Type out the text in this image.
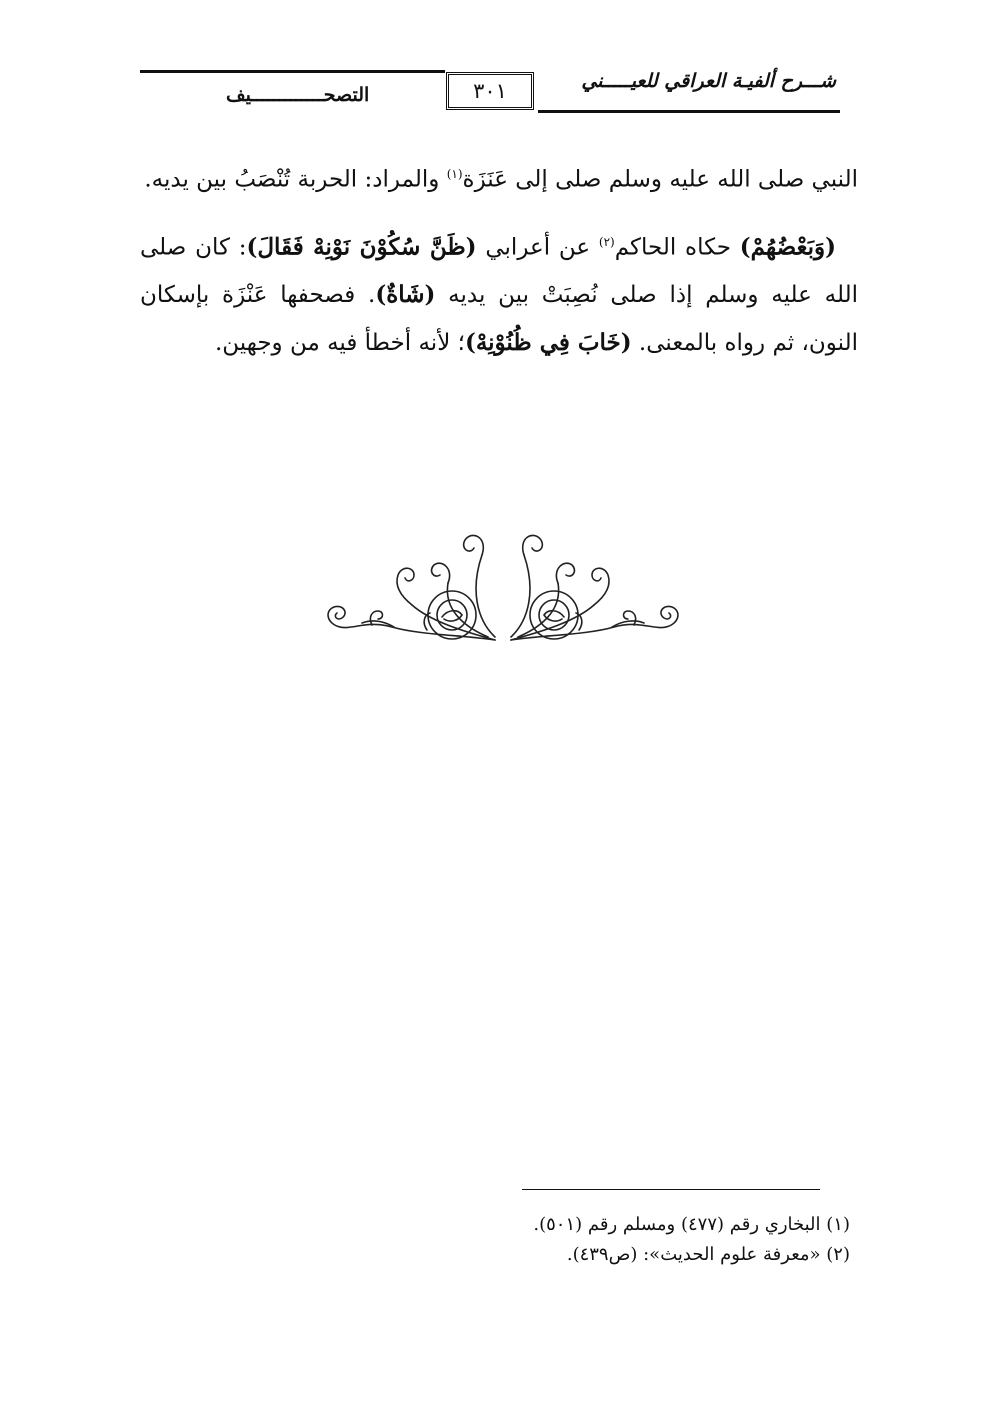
شـــرح ألفيـة العراقي للعيـــــني
٣٠١
التصحـــــــــــــيف

النبي صلى الله عليه وسلم صلى إلى عَنَزَة$^{(١)}$ والمراد: الحربة تُنْصَبُ بين يديه.

(وَبَعْضُهُمْ) حكاه الحاكم$^{(٢)}$ عن أعرابي (ظَنَّ سُكُوْنَ نَوْنِهْ فَقَالَ): كان صلى الله عليه وسلم إذا صلى نُصِبَتْ بين يديه (شَاةٌ). فصحفها عَنْزَة بإسكان النون، ثم رواه بالمعنى. (خَابَ فِي ظُنُوْنِهْ)؛ لأنه أخطأ فيه من وجهين.

(١) البخاري رقم (٤٧٧) ومسلم رقم (٥٠١).
(٢) «معرفة علوم الحديث»: (ص٤٣٩).
